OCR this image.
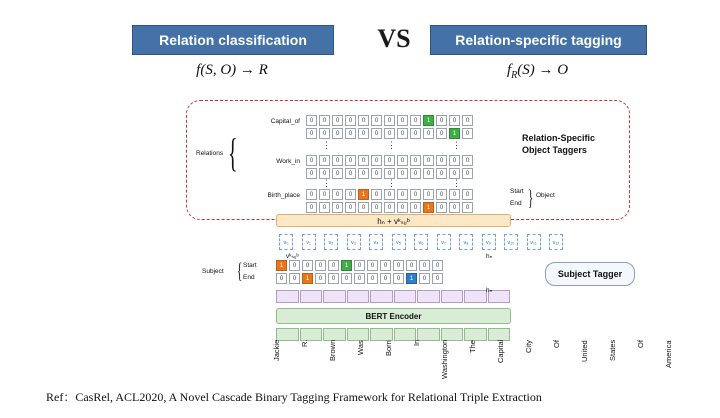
Relation classification	VS	Relation-specific tagging
f(S, O) → R	$f_R(S) \to O$
{
Relations
Capital_of	0	0	0	0	0	0	0	0	0	1	0	0	0
0	0	0	0	0	0	0	0	0	0	0	1	0
Work_in	0	0	0	0	0	0	0	0	0	0	0	0	0
0	0	0	0	0	0	0	0	0	0	0	0	0
Birth_place	0	0	0	0	1	0	0	0	0	0	0	0	0
0	0	0	0	0	0	0	0	0	1	0	0	0
⋮	⋮	⋮
⋮	⋮	⋮
Start
End } Object
Relation-Specific Object Taggers
hₙ + vᵏₛᵤᵇ
v₀	v₁	v₂	v₃	v₄	v₅	v₆	v₇	v₈	v₉	v₁₀	v₁₁	v₁₂
vᵏₛᵤᵇ	hₙ
Subject { Start
End
1	0	0	0	0	1	0	0	0	0	0	0	0
0	0	1	0	0	0	0	0	0	0	1	0	0	Subject Tagger
hₙ
BERT Encoder
Jackie	R.	Brown	Was	Born	In	Washington	The	Capital	City	Of	United	States	Of	America
Ref：CasRel, ACL2020, A Novel Cascade Binary Tagging Framework for Relational Triple Extraction
